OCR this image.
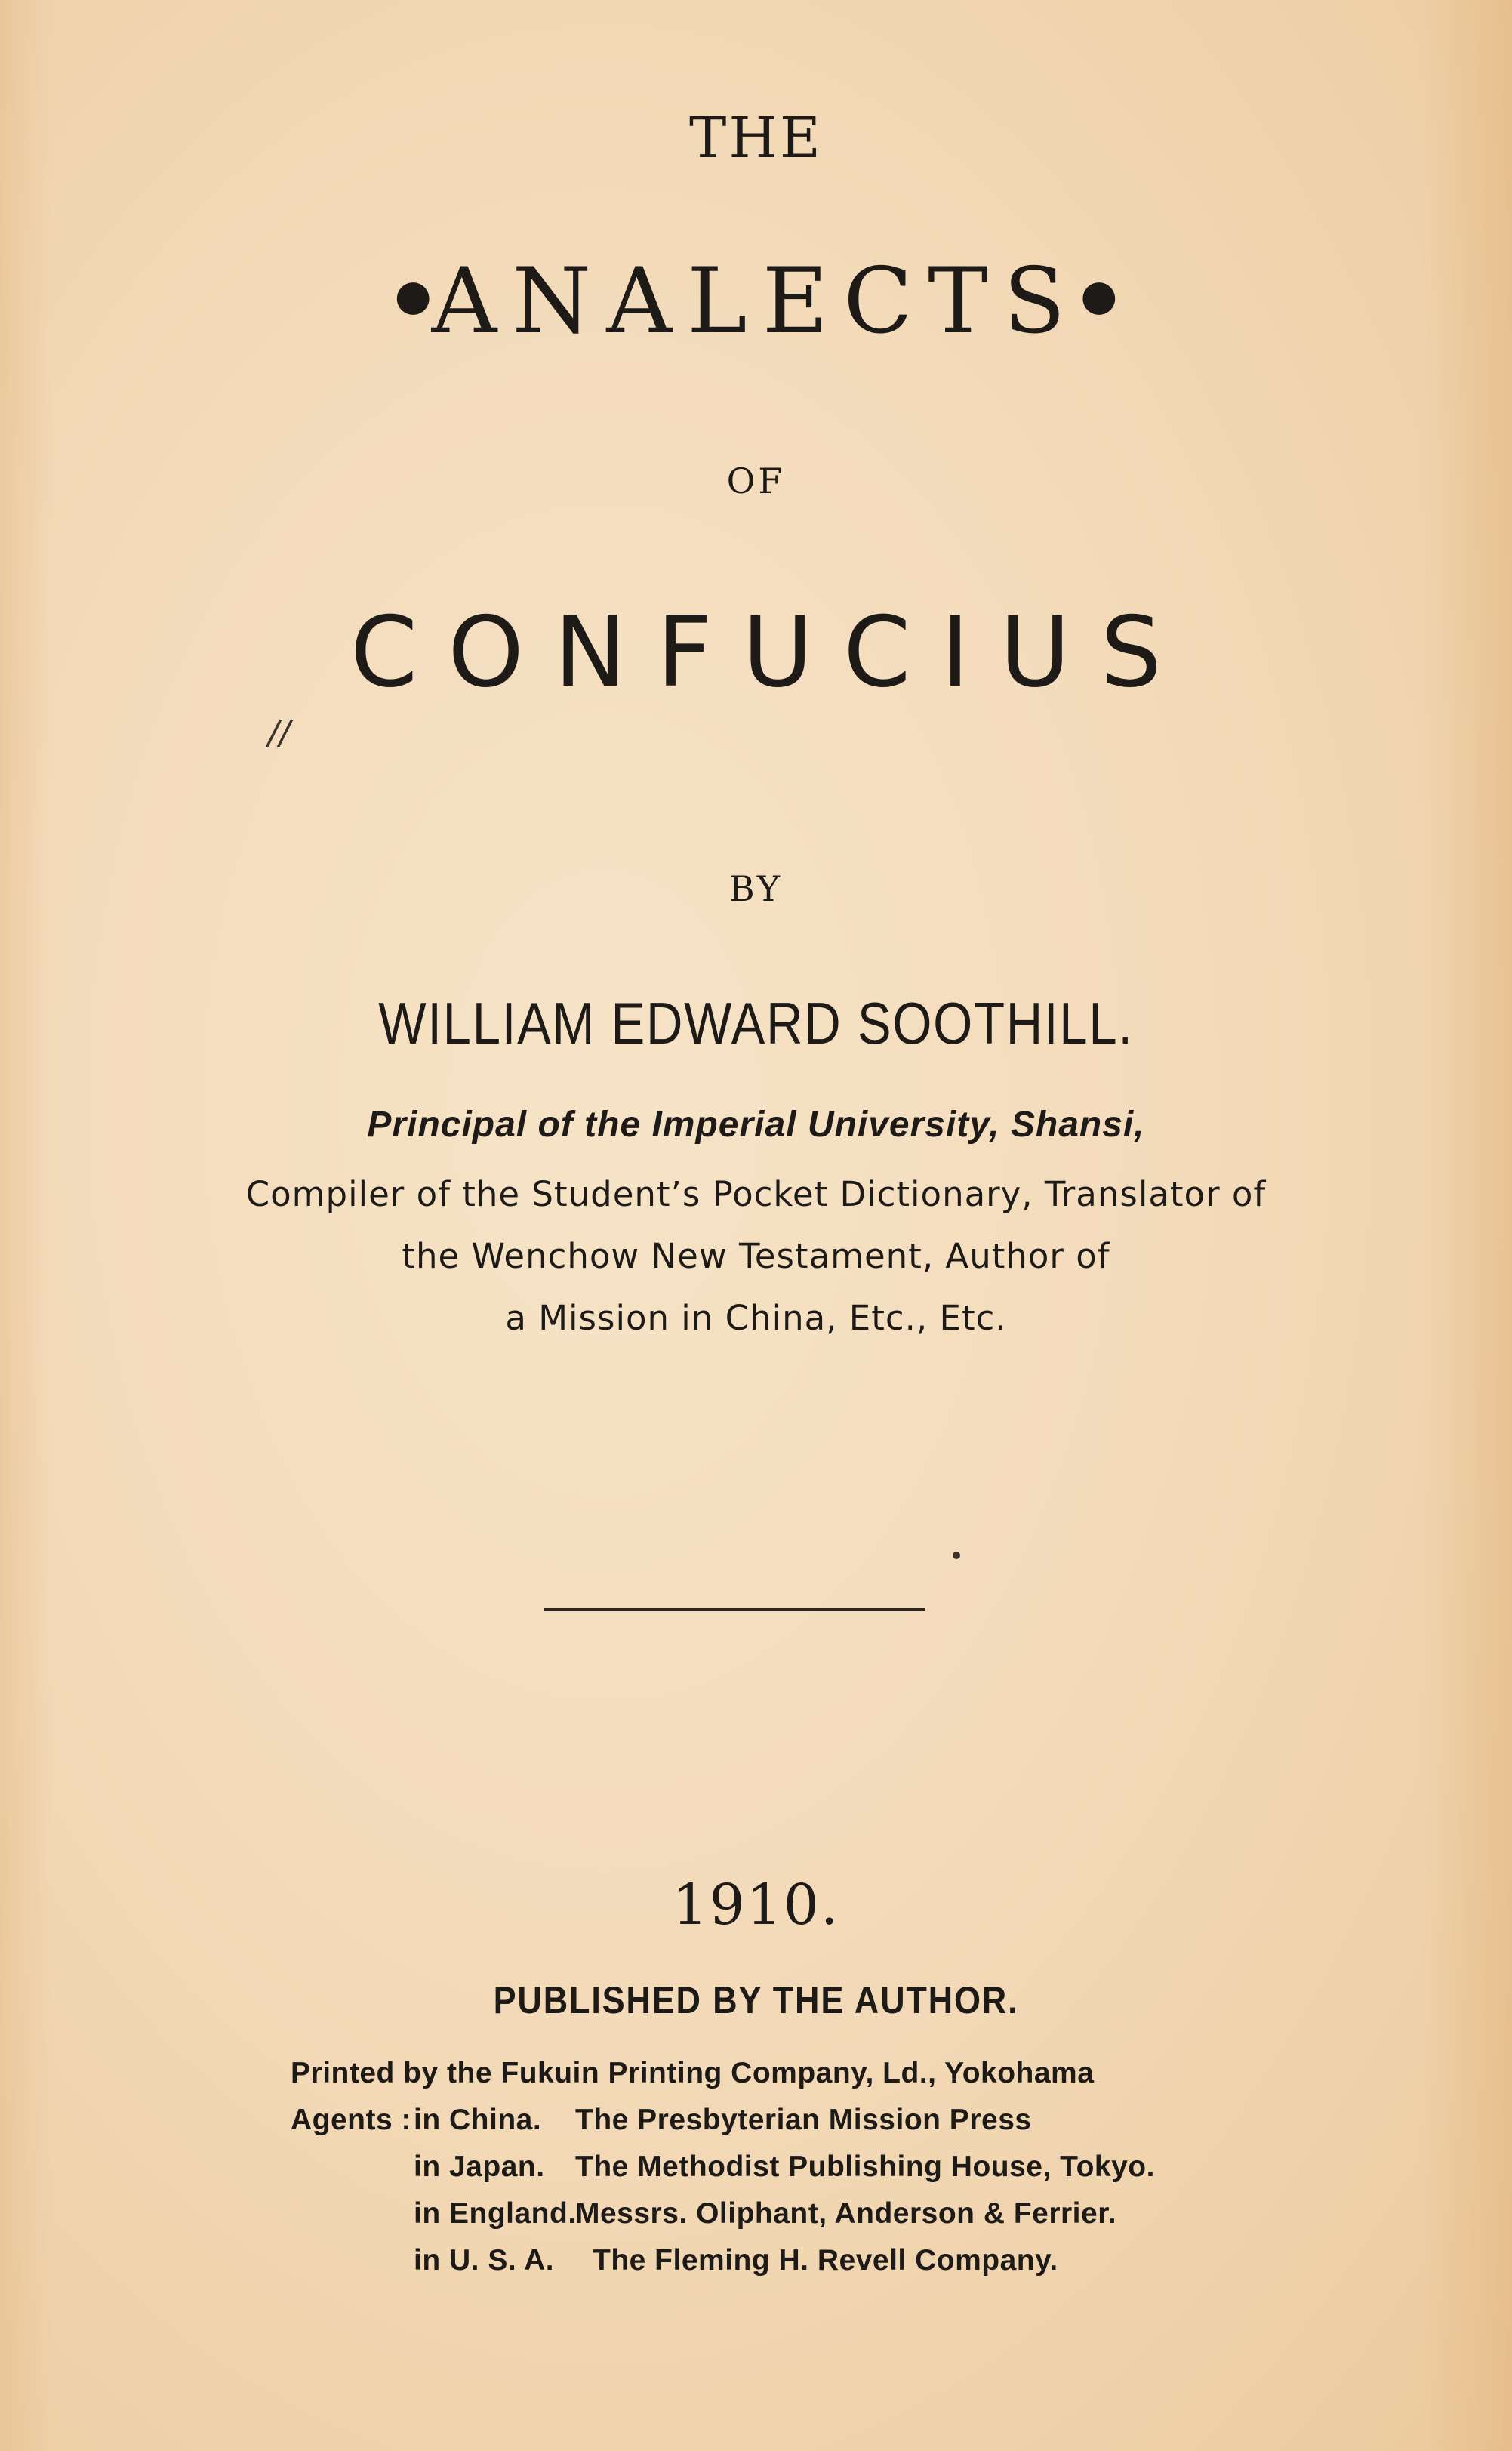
THE
●ANALECTS●
OF
CONFUCIUS
//
BY
WILLIAM EDWARD SOOTHILL.
Principal of the Imperial University, Shansi,
Compiler of the Student’s Pocket Dictionary, Translator of
the Wenchow New Testament, Author of
a Mission in China, Etc., Etc.
1910.
PUBLISHED BY THE AUTHOR.
Printed by the Fukuin Printing Company, Ld., Yokohama
Agents : in China. The Presbyterian Mission Press
in Japan. The Methodist Publishing House, Tokyo.
in England.
Messrs. Oliphant, Anderson & Ferrier.
in U. S. A. The Fleming H. Revell Company.
